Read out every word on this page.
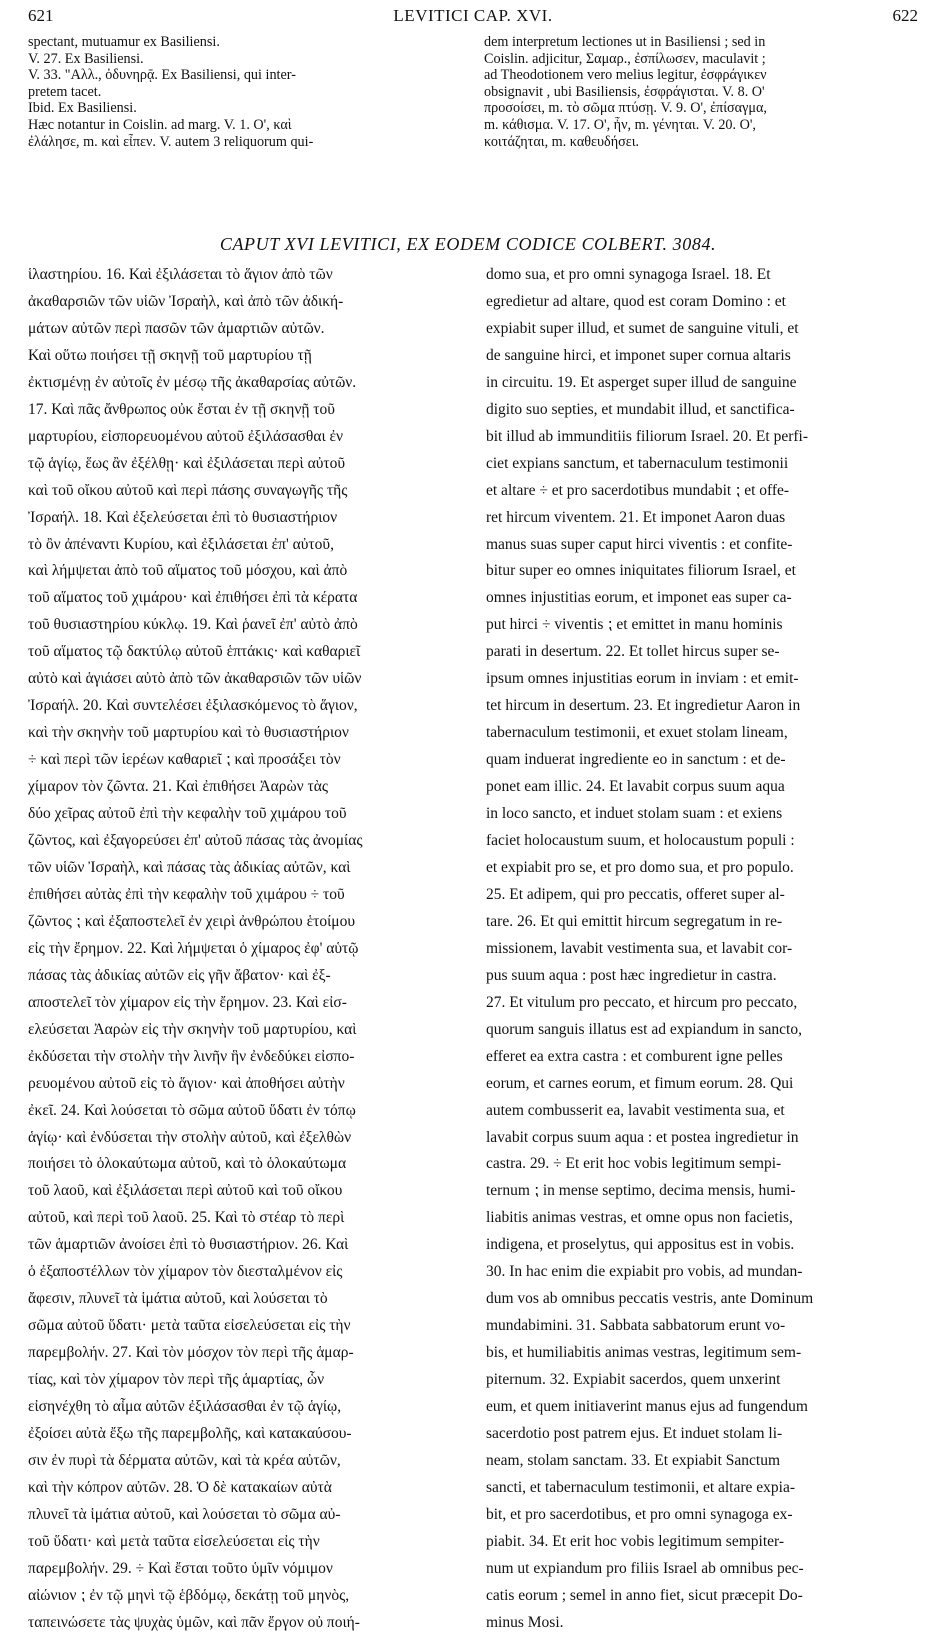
621	LEVITICI CAP. XVI.	622
spectant, mutuamur ex Basiliensi.
V. 27. Ex Basiliensi.
V. 33. "Αλλ., ὀδυνηρᾷ. Ex Basiliensi, qui inter-
pretem tacet.
Ibid. Ex Basiliensi.
Hæc notantur in Coislin. ad marg. V. 1. Ο', καὶ
ἐλάλησε, m. καὶ εἶπεν. V. autem 3 reliquorum qui-
dem interpretum lectiones ut in Basiliensi ; sed in
Coislin. adjicitur, Σαμαρ., ἐσπίλωσεν, maculavit ;
ad Theodotionem vero melius legitur, ἐσφράγικεν
obsignavit , ubi Basiliensis, ἐσφράγισται. V. 8. Ο'
προσοίσει, m. τὸ σῶμα πτύσῃ. V. 9. Ο', ἐπίσαγμα,
m. κάθισμα. V. 17. Ο', ἦν, m. γένηται. V. 20. Ο',
κοιτάζηται, m. καθευδήσει.
CAPUT XVI LEVITICI, EX EODEM CODICE COLBERT. 3084.
ἱλαστηρίου. 16. Καὶ ἐξιλάσεται τὸ ἅγιον ἀπὸ τῶν
ἀκαθαρσιῶν τῶν υἱῶν Ἰσραὴλ, καὶ ἀπὸ τῶν ἀδική-
μάτων αὐτῶν περὶ πασῶν τῶν ἁμαρτιῶν αὐτῶν.
Καὶ οὕτω ποιήσει τῇ σκηνῇ τοῦ μαρτυρίου τῇ
ἐκτισμένῃ ἐν αὐτοῖς ἐν μέσῳ τῆς ἀκαθαρσίας αὐτῶν.
17. Καὶ πᾶς ἄνθρωπος οὐκ ἔσται ἐν τῇ σκηνῇ τοῦ
μαρτυρίου, εἰσπορευομένου αὐτοῦ ἐξιλάσασθαι ἐν
τῷ ἁγίῳ, ἕως ἂν ἐξέλθῃ· καὶ ἐξιλάσεται περὶ αὐτοῦ
καὶ τοῦ οἴκου αὐτοῦ καὶ περὶ πάσης συναγωγῆς τῆς
Ἰσραήλ. 18. Καὶ ἐξελεύσεται ἐπὶ τὸ θυσιαστήριον
τὸ ὂν ἀπέναντι Κυρίου, καὶ ἐξιλάσεται ἐπ' αὐτοῦ,
καὶ λήμψεται ἀπὸ τοῦ αἵματος τοῦ μόσχου, καὶ ἀπὸ
τοῦ αἵματος τοῦ χιμάρου· καὶ ἐπιθήσει ἐπὶ τὰ κέρατα
τοῦ θυσιαστηρίου κύκλῳ. 19. Καὶ ῥανεῖ ἐπ' αὐτὸ ἀπὸ
τοῦ αἵματος τῷ δακτύλῳ αὐτοῦ ἑπτάκις· καὶ καθαριεῖ
αὐτὸ καὶ ἁγιάσει αὐτὸ ἀπὸ τῶν ἀκαθαρσιῶν τῶν υἱῶν
Ἰσραήλ. 20. Καὶ συντελέσει ἐξιλασκόμενος τὸ ἅγιον,
καὶ τὴν σκηνὴν τοῦ μαρτυρίου καὶ τὸ θυσιαστήριον
÷ καὶ περὶ τῶν ἱερέων καθαριεῖ ⁏ καὶ προσάξει τὸν
χίμαρον τὸν ζῶντα. 21. Καὶ ἐπιθήσει Ἀαρὼν τὰς
δύο χεῖρας αὐτοῦ ἐπὶ τὴν κεφαλὴν τοῦ χιμάρου τοῦ
ζῶντος, καὶ ἐξαγορεύσει ἐπ' αὐτοῦ πάσας τὰς ἀνομίας
τῶν υἱῶν Ἰσραὴλ, καὶ πάσας τὰς ἀδικίας αὐτῶν, καὶ
ἐπιθήσει αὐτὰς ἐπὶ τὴν κεφαλὴν τοῦ χιμάρου ÷ τοῦ
ζῶντος ⁏ καὶ ἐξαποστελεῖ ἐν χειρὶ ἀνθρώπου ἑτοίμου
εἰς τὴν ἔρημον. 22. Καὶ λήμψεται ὁ χίμαρος ἐφ' αὑτῷ
πάσας τὰς ἀδικίας αὐτῶν εἰς γῆν ἄβατον· καὶ ἐξ-
αποστελεῖ τὸν χίμαρον εἰς τὴν ἔρημον. 23. Καὶ εἰσ-
ελεύσεται Ἀαρὼν εἰς τὴν σκηνὴν τοῦ μαρτυρίου, καὶ
ἐκδύσεται τὴν στολὴν τὴν λινῆν ἣν ἐνδεδύκει εἰσπο-
ρευομένου αὐτοῦ εἰς τὸ ἅγιον· καὶ ἀποθήσει αὐτὴν
ἐκεῖ. 24. Καὶ λούσεται τὸ σῶμα αὐτοῦ ὕδατι ἐν τόπῳ
ἁγίῳ· καὶ ἐνδύσεται τὴν στολὴν αὐτοῦ, καὶ ἐξελθὼν
ποιήσει τὸ ὁλοκαύτωμα αὐτοῦ, καὶ τὸ ὁλοκαύτωμα
τοῦ λαοῦ, καὶ ἐξιλάσεται περὶ αὐτοῦ καὶ τοῦ οἴκου
αὐτοῦ, καὶ περὶ τοῦ λαοῦ. 25. Καὶ τὸ στέαρ τὸ περὶ
τῶν ἁμαρτιῶν ἀνοίσει ἐπὶ τὸ θυσιαστήριον. 26. Καὶ
ὁ ἐξαποστέλλων τὸν χίμαρον τὸν διεσταλμένον εἰς
ἄφεσιν, πλυνεῖ τὰ ἱμάτια αὐτοῦ, καὶ λούσεται τὸ
σῶμα αὐτοῦ ὕδατι· μετὰ ταῦτα εἰσελεύσεται εἰς τὴν
παρεμβολήν. 27. Καὶ τὸν μόσχον τὸν περὶ τῆς ἁμαρ-
τίας, καὶ τὸν χίμαρον τὸν περὶ τῆς ἁμαρτίας, ὧν
εἰσηνέχθη τὸ αἷμα αὐτῶν ἐξιλάσασθαι ἐν τῷ ἁγίῳ,
ἐξοίσει αὐτὰ ἔξω τῆς παρεμβολῆς, καὶ κατακαύσου-
σιν ἐν πυρὶ τὰ δέρματα αὐτῶν, καὶ τὰ κρέα αὐτῶν,
καὶ τὴν κόπρον αὐτῶν. 28. Ὁ δὲ κατακαίων αὐτὰ
πλυνεῖ τὰ ἱμάτια αὐτοῦ, καὶ λούσεται τὸ σῶμα αὐ-
τοῦ ὕδατι· καὶ μετὰ ταῦτα εἰσελεύσεται εἰς τὴν
παρεμβολήν. 29. ÷ Καὶ ἔσται τοῦτο ὑμῖν νόμιμον
αἰώνιον ⁏ ἐν τῷ μηνὶ τῷ ἑβδόμῳ, δεκάτῃ τοῦ μηνὸς,
ταπεινώσετε τὰς ψυχὰς ὑμῶν, καὶ πᾶν ἔργον οὐ ποιή-
domo sua, et pro omni synagoga Israel. 18. Et
egredietur ad altare, quod est coram Domino : et
expiabit super illud, et sumet de sanguine vituli, et
de sanguine hirci, et imponet super cornua altaris
in circuitu. 19. Et asperget super illud de sanguine
digito suo septies, et mundabit illud, et sanctifica-
bit illud ab immunditiis filiorum Israel. 20. Et perfi-
ciet expians sanctum, et tabernaculum testimonii
et altare ÷ et pro sacerdotibus mundabit ⁏ et offe-
ret hircum viventem. 21. Et imponet Aaron duas
manus suas super caput hirci viventis : et confite-
bitur super eo omnes iniquitates filiorum Israel, et
omnes injustitias eorum, et imponet eas super ca-
put hirci ÷ viventis ⁏ et emittet in manu hominis
parati in desertum. 22. Et tollet hircus super se-
ipsum omnes injustitias eorum in inviam : et emit-
tet hircum in desertum. 23. Et ingredietur Aaron in
tabernaculum testimonii, et exuet stolam lineam,
quam induerat ingrediente eo in sanctum : et de-
ponet eam illic. 24. Et lavabit corpus suum aqua
in loco sancto, et induet stolam suam : et exiens
faciet holocaustum suum, et holocaustum populi :
et expiabit pro se, et pro domo sua, et pro populo.
25. Et adipem, qui pro peccatis, offeret super al-
tare. 26. Et qui emittit hircum segregatum in re-
missionem, lavabit vestimenta sua, et lavabit cor-
pus suum aqua : post hæc ingredietur in castra.
27. Et vitulum pro peccato, et hircum pro peccato,
quorum sanguis illatus est ad expiandum in sancto,
efferet ea extra castra : et comburent igne pelles
eorum, et carnes eorum, et fimum eorum. 28. Qui
autem combusserit ea, lavabit vestimenta sua, et
lavabit corpus suum aqua : et postea ingredietur in
castra. 29. ÷ Et erit hoc vobis legitimum sempi-
ternum ⁏ in mense septimo, decima mensis, humi-
liabitis animas vestras, et omne opus non facietis,
indigena, et proselytus, qui appositus est in vobis.
30. In hac enim die expiabit pro vobis, ad mundan-
dum vos ab omnibus peccatis vestris, ante Dominum
mundabimini. 31. Sabbata sabbatorum erunt vo-
bis, et humiliabitis animas vestras, legitimum sem-
piternum. 32. Expiabit sacerdos, quem unxerint
eum, et quem initiaverint manus ejus ad fungendum
sacerdotio post patrem ejus. Et induet stolam li-
neam, stolam sanctam. 33. Et expiabit Sanctum
sancti, et tabernaculum testimonii, et altare expia-
bit, et pro sacerdotibus, et pro omni synagoga ex-
piabit. 34. Et erit hoc vobis legitimum sempiter-
num ut expiandum pro filiis Israel ab omnibus pec-
catis eorum ; semel in anno fiet, sicut præcepit Do-
minus Mosi.
